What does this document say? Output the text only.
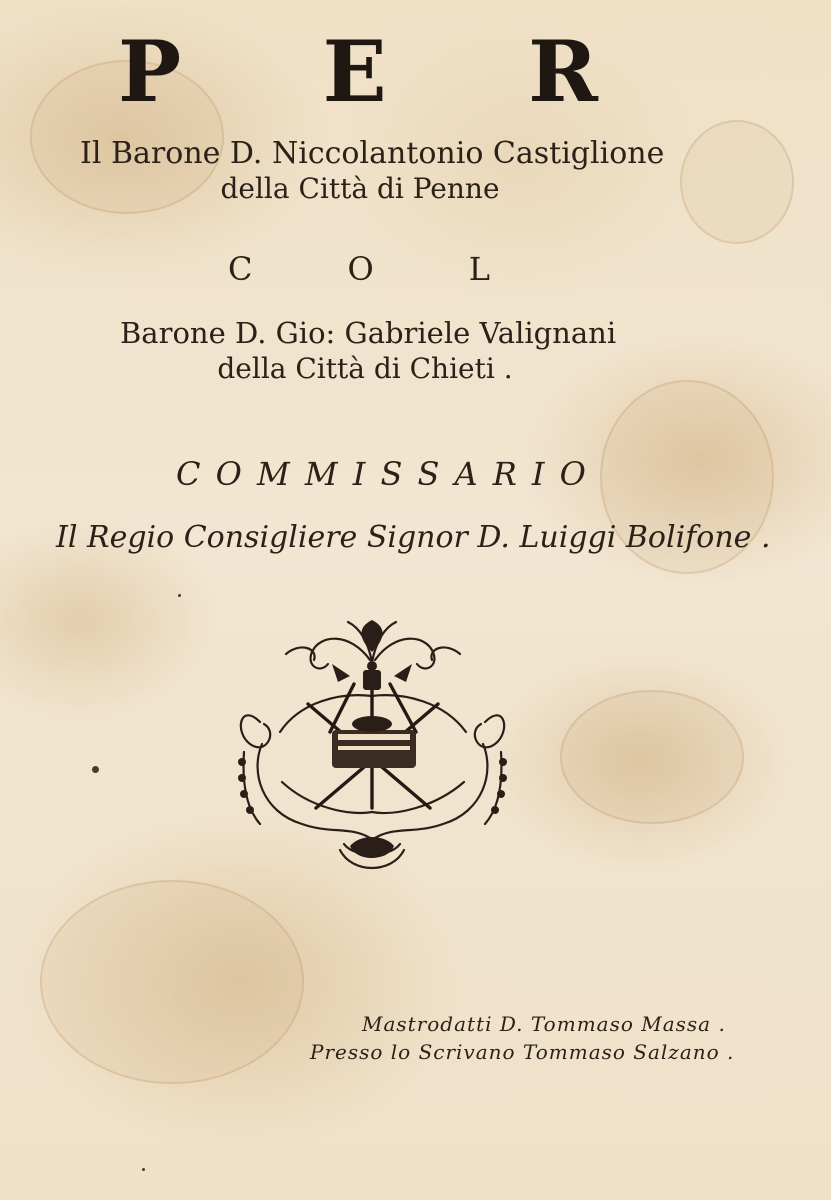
P E R
Il Barone D. Niccolantonio Castiglione
della Città di Penne
C	O	L
Barone D. Gio: Gabriele Valignani
della Città di Chieti .
C O M M I S S A R I O
Il Regio Consigliere Signor D. Luiggi Bolifone .
Mastrodatti D. Tommaso Massa .
Presso lo Scrivano Tommaso Salzano .
